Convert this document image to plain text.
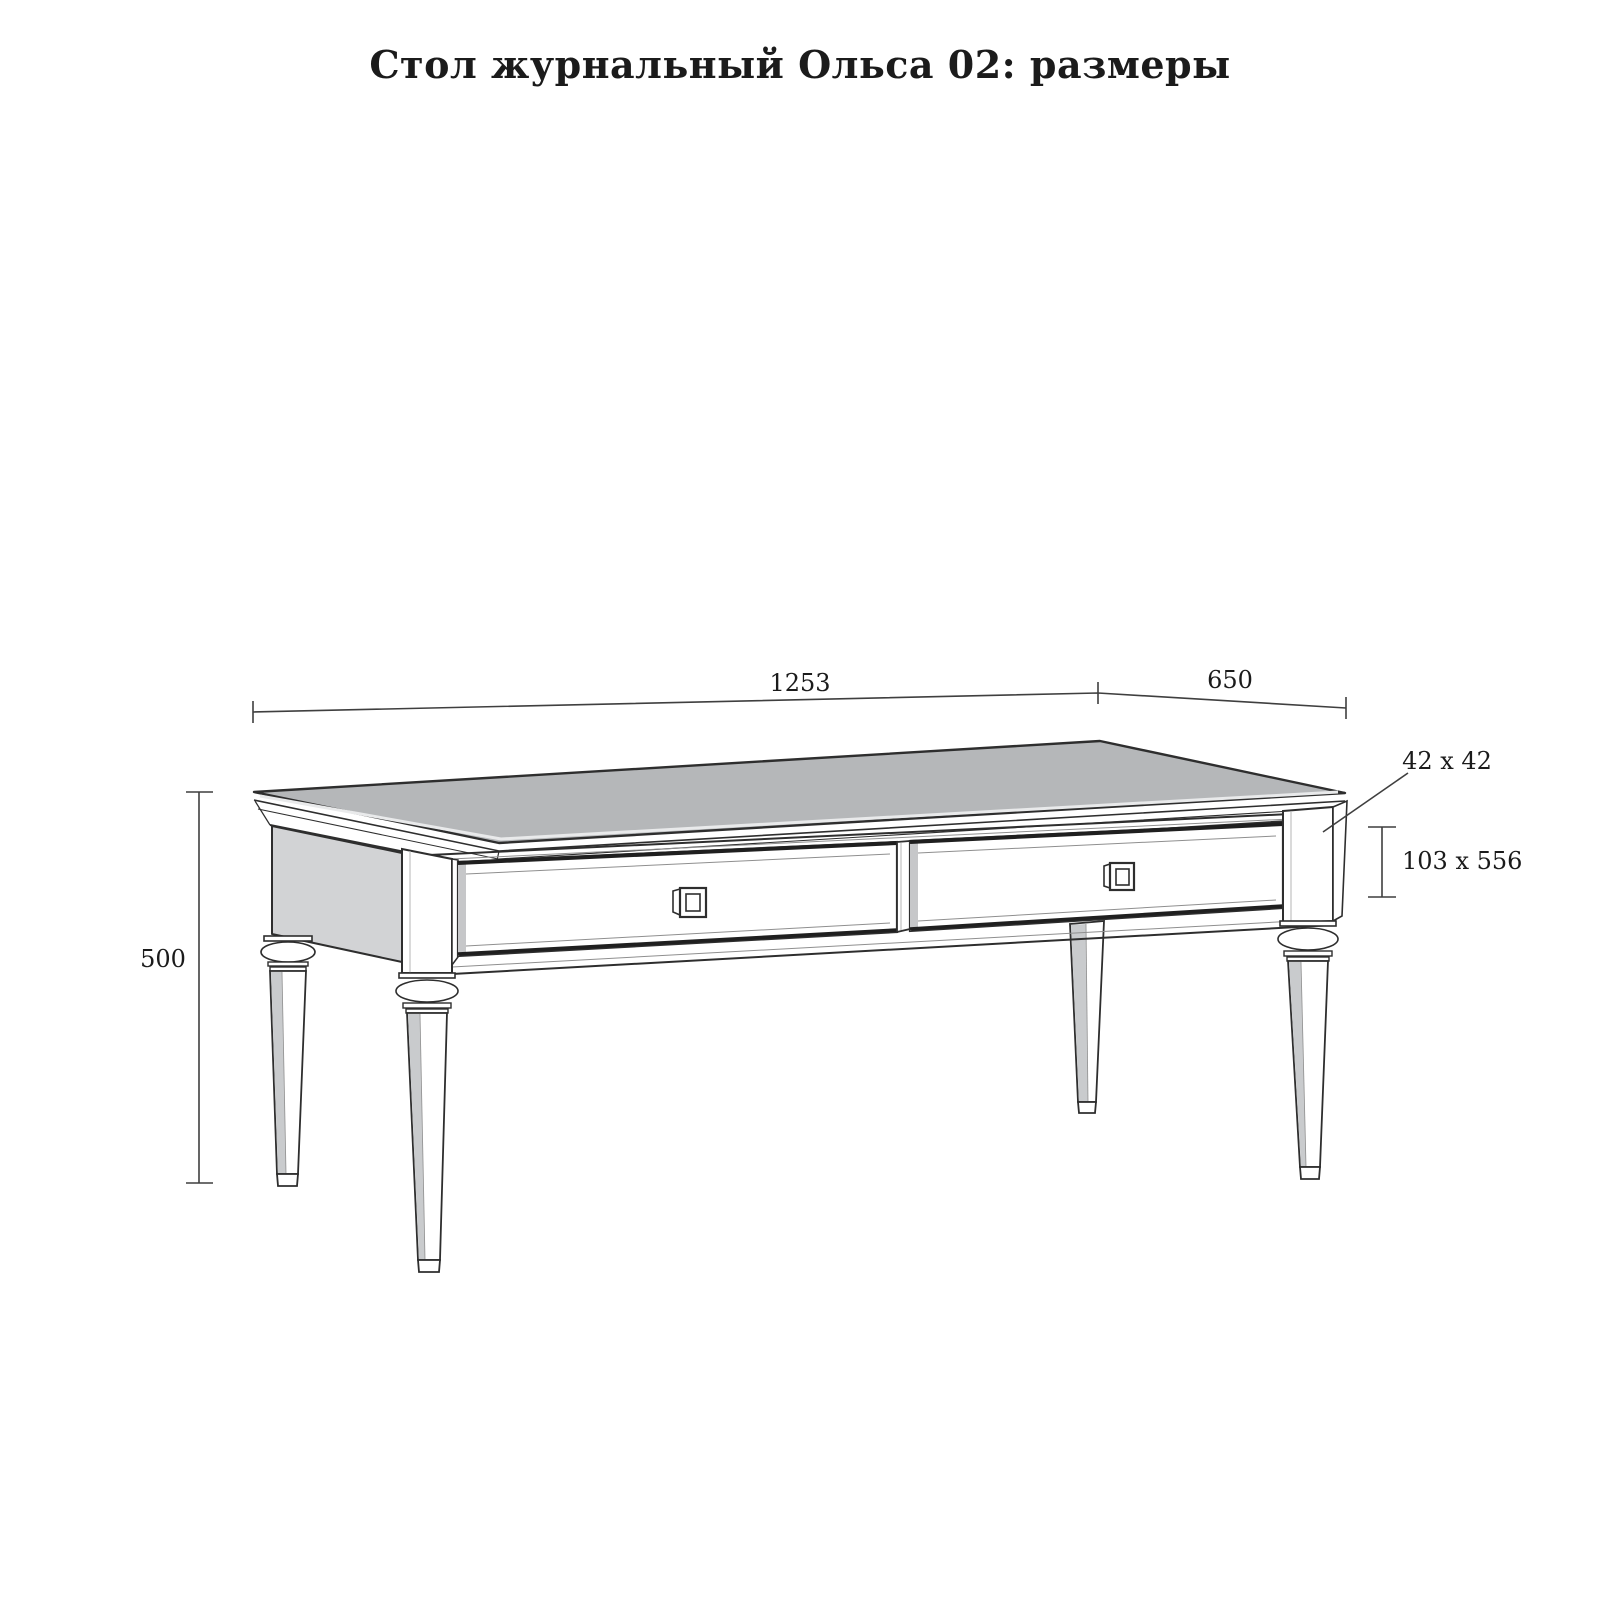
Стол журнальный Ольса 02: размеры
1253	650
500
42 x 42
103 x 556
